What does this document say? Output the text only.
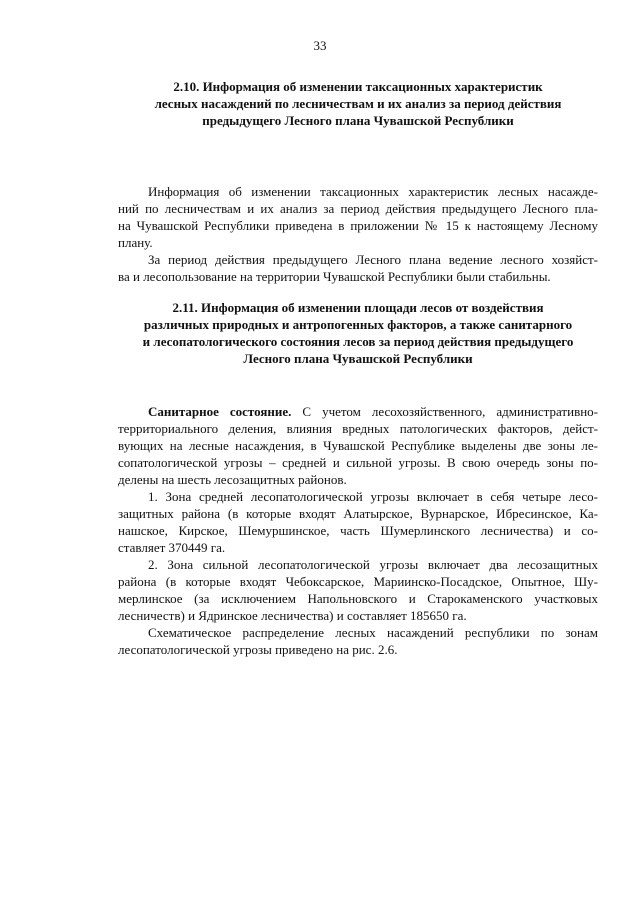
33
2.10. Информация об изменении таксационных характеристик
лесных насаждений по лесничествам и их анализ за период действия
предыдущего Лесного плана Чувашской Республики

Информация об изменении таксационных характеристик лесных насажде-
ний по лесничествам и их анализ за период действия предыдущего Лесного пла-
на Чувашской Республики приведена в приложении № 15 к настоящему Лесному
плану.

За период действия предыдущего Лесного плана ведение лесного хозяйст-
ва и лесопользование на территории Чувашской Республики были стабильны.

2.11. Информация об изменении площади лесов от воздействия
различных природных и антропогенных факторов, а также санитарного
и лесопатологического состояния лесов за период действия предыдущего
Лесного плана Чувашской Республики

Санитарное состояние. С учетом лесохозяйственного, административно-
территориального деления, влияния вредных патологических факторов, дейст-
вующих на лесные насаждения, в Чувашской Республике выделены две зоны ле-
сопатологической угрозы – средней и сильной угрозы. В свою очередь зоны по-
делены на шесть лесозащитных районов.

1. Зона средней лесопатологической угрозы включает в себя четыре лесо-
защитных района (в которые входят Алатырское, Вурнарское, Ибресинское, Ка-
нашское, Кирское, Шемуршинское, часть Шумерлинского лесничества) и со-
ставляет 370449 га.

2. Зона сильной лесопатологической угрозы включает два лесозащитных
района (в которые входят Чебоксарское, Мариинско-Посадское, Опытное, Шу-
мерлинское (за исключением Напольновского и Старокаменского участковых
лесничеств) и Ядринское лесничества) и составляет 185650 га.

Схематическое распределение лесных насаждений республики по зонам
лесопатологической угрозы приведено на рис. 2.6.
